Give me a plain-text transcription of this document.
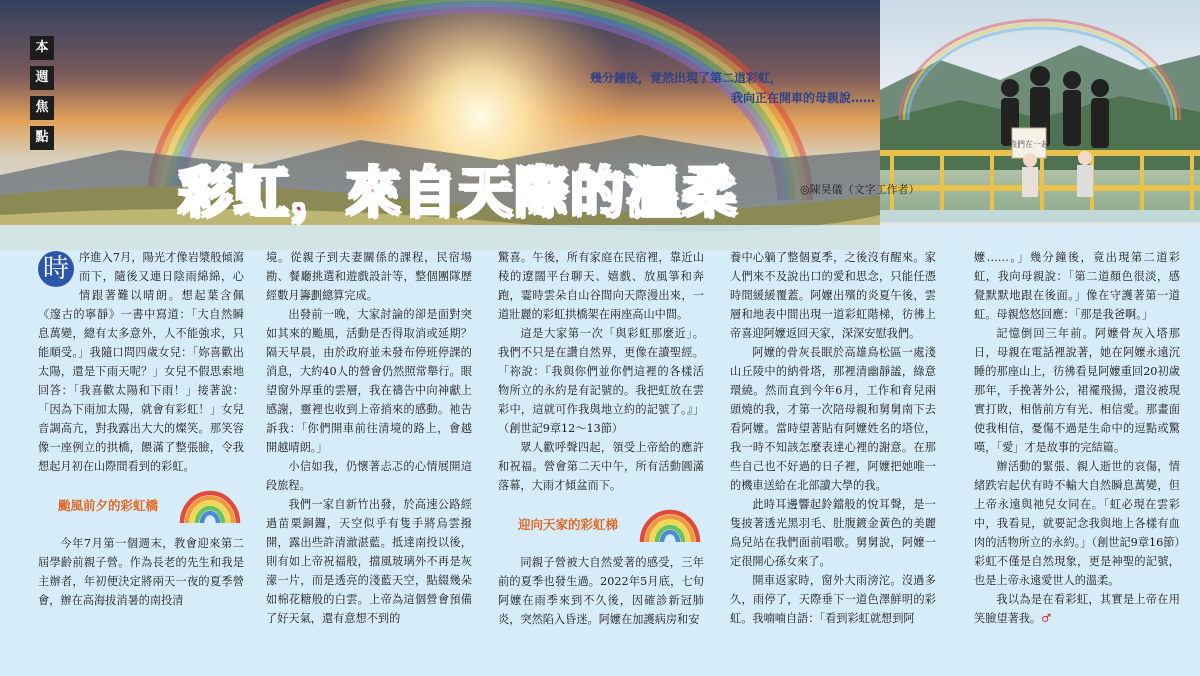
我們在一起
本
週
焦
點
幾分鐘後，竟然出現了第二道彩虹，
我向正在開車的母親說……
彩虹，來自天際的溫柔	◎陳昊儀（文字工作者）

時 序進入7月，陽光才像岩漿般傾瀉而下，隨後又連日陰雨綿綿，心情跟著難以晴朗。想起葉含佩《邃古的寧靜》一書中寫道：「大自然瞬息萬變，總有太多意外，人不能強求，只能順受。」我隨口問四歲女兒：「妳喜歡出太陽，還是下雨天呢？」女兒不假思索地回答：「我喜歡太陽和下雨！」接著說：「因為下雨加太陽，就會有彩虹！」女兒音調高亢，對我露出大大的燦笑。那笑容像一座例立的拱橋，餵滿了整張臉，令我想起月初在山際間看到的彩虹。

颱風前夕的彩虹橋

今年7月第一個週末，教會迎來第二屆學齡前親子營。作為長老的先生和我是主辦者，年初便決定將兩天一夜的夏季營會，辦在高海拔消暑的南投清

境。從親子到夫妻關係的課程，民宿場勘、餐廳挑選和遊戲設計等，整個團隊歷經數月籌劃總算完成。

出發前一晚，大家討論的卻是面對突如其來的颱風，活動是否得取消或延期？隔天早晨，由於政府並未發布停班停課的消息，大約40人的營會仍然照常舉行。眼望窗外厚重的雲層，我在禱告中向神獻上感謝，靈裡也收到上帝捎來的感動。祂告訴我：「你們開車前往清境的路上，會越開越晴朗。」

小信如我，仍懷著忐忑的心情展開這段旅程。

我們一家自新竹出發，於高速公路經過苗栗銅鑼，天空似乎有隻手將烏雲撥開，露出些許清澈湛藍。抵達南投以後，則有如上帝祝福般，擋風玻璃外不再是灰濛一片，而是透亮的淺藍天空，點綴幾朵如棉花糖般的白雲。上帝為這個營會預備了好天氣，還有意想不到的

驚喜。午後，所有家庭在民宿裡，靠近山稜的遼闊平台聊天、嬉戲、放風箏和奔跑，霎時雲朵自山谷間向天際漫出來，一道壯麗的彩虹拱橋架在兩座高山中間。

這是大家第一次「與彩虹那麼近」。我們不只是在讚自然界，更像在讀聖經。「祢說：『我與你們並你們這裡的各樣活物所立的永約是有記號的。我把虹放在雲彩中，這就可作我與地立約的記號了。』」（創世記9章12～13節）

眾人歡呼聲四起，領受上帝給的應許和祝福。營會第二天中午，所有活動圓滿落幕，大雨才傾盆而下。

迎向天家的彩虹梯

同親子營被大自然愛著的感受，三年前的夏季也發生過。2022年5月底，七旬阿嬤在雨季來到不久後，因確診新冠肺炎，突然陷入昏迷。阿嬤在加護病房和安

養中心躺了整個夏季，之後沒有醒來。家人們來不及說出口的愛和思念，只能任憑時間緩緩覆蓋。阿嬤出殯的炎夏午後，雲層和地表中間出現一道彩虹階梯，彷彿上帝喜迎阿嬤返回天家，深深安慰我們。

阿嬤的骨灰長眠於高雄鳥松區一處淺山丘陵中的納骨塔，那裡清幽靜謐，綠意環繞。然而直到今年6月，工作和育兒兩頭燒的我，才第一次陪母親和舅舅南下去看阿嬤。當時望著貼有阿嬤姓名的塔位，我一時不知該怎麼表達心裡的謝意。在那些自己也不好過的日子裡，阿嬤把她唯一的機車送給在北部讀大學的我。

此時耳邊響起鈴鐺般的悅耳聲，是一隻披著透光黑羽毛、肚腹鍍金黃色的美麗鳥兒站在我們面前唱歌。舅舅說，阿嬤一定很開心孫女來了。

開車返家時，窗外大雨滂沱。沒過多久，雨停了，天際垂下一道色澤鮮明的彩虹。我喃喃自語：「看到彩虹就想到阿

嬤……。」幾分鐘後，竟出現第二道彩虹，我向母親說：「第二道顏色很淡，感覺默默地跟在後面。」像在守護著第一道虹。母親悠悠回應：「那是我爸啊。」

記憶倒回三年前。阿嬤骨灰入塔那日，母親在電話裡說著，她在阿嬤永遠沉睡的那座山上，彷彿看見阿嬤重回20初歲那年，手挽著外公，裙襬飛揚，還沒被現實打敗，相偕前方有光、相信愛。那畫面使我相信，憂傷不過是生命中的逗點或驚嘆，「愛」才是故事的完結篇。

辦活動的緊張、親人逝世的哀傷，情緒跌宕起伏有時不輸大自然瞬息萬變，但上帝永遠與祂兒女同在。「虹必現在雲彩中，我看見，就要記念我與地上各樣有血肉的活物所立的永約。」（創世記9章16節）彩虹不僅是自然現象，更是神聖的記號，也是上帝永遠愛世人的溫柔。

我以為是在看彩虹，其實是上帝在用笑臉望著我。♂
